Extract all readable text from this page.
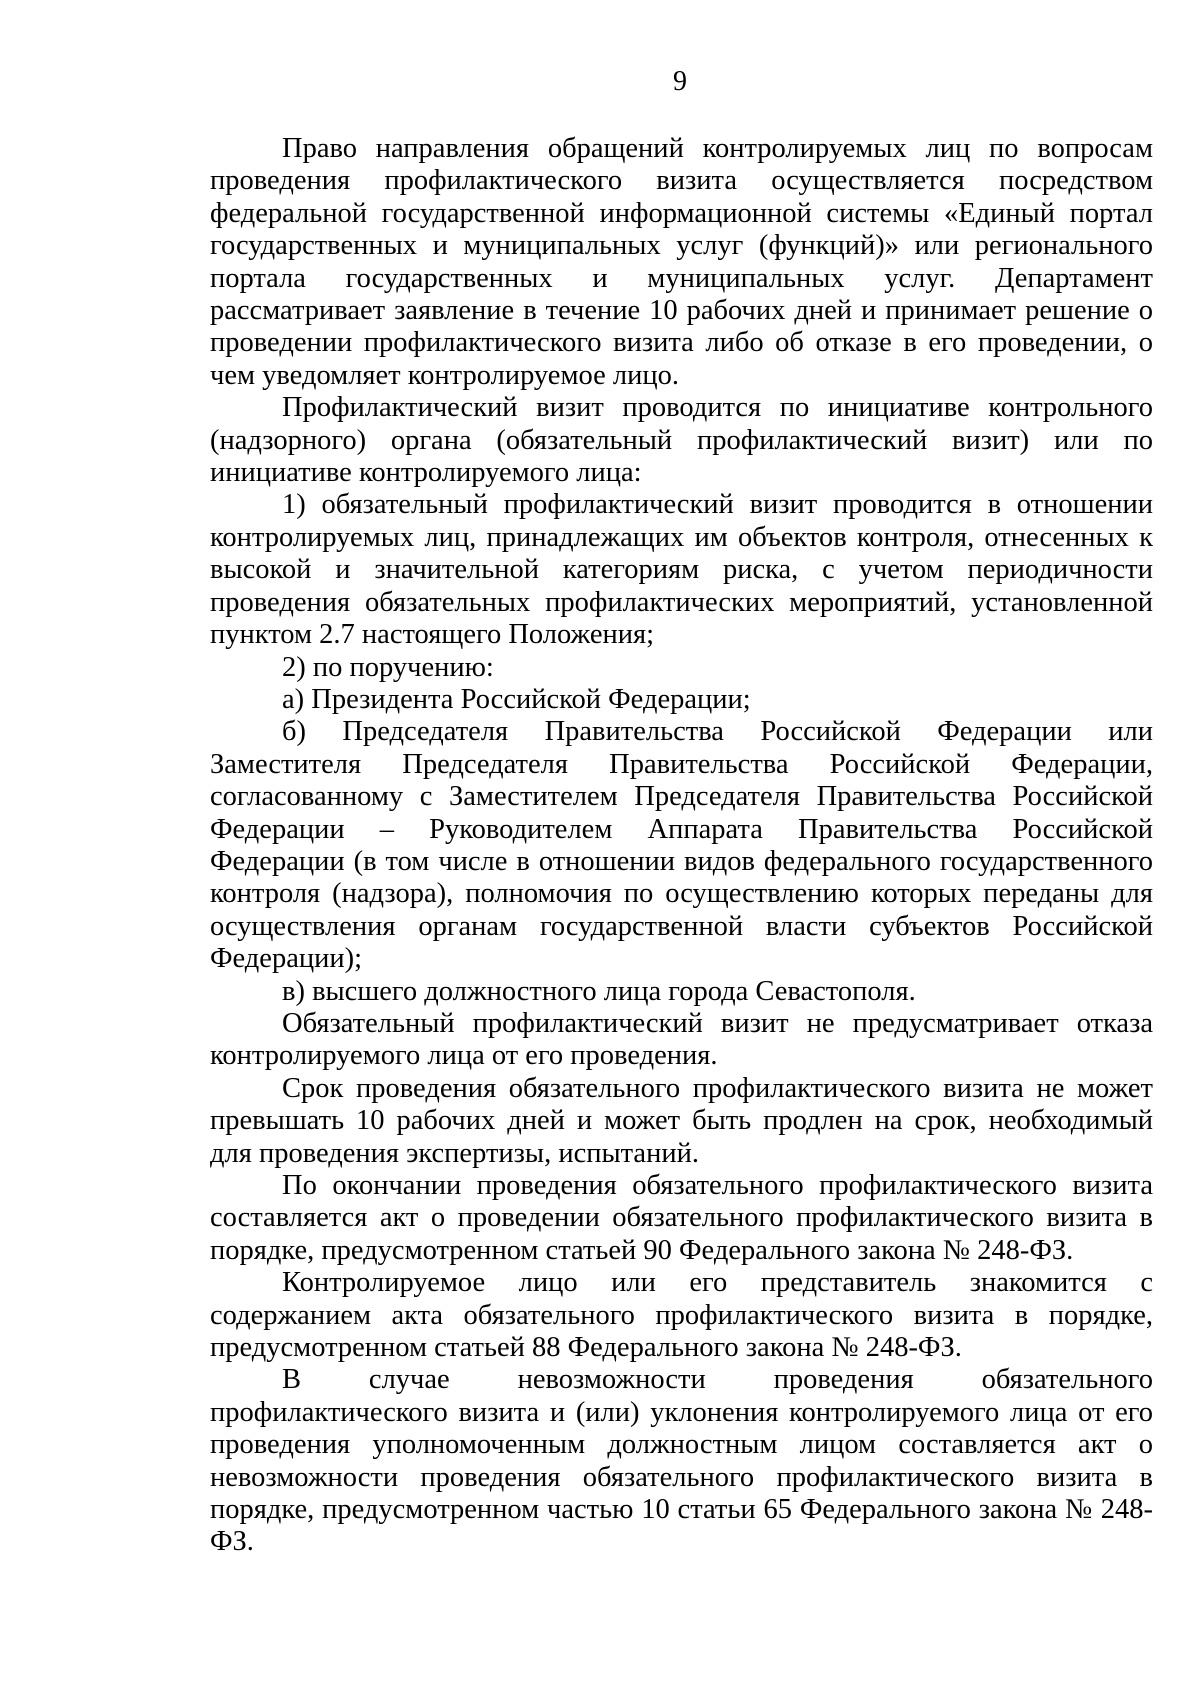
9

Право направления обращений контролируемых лиц по вопросам проведения профилактического визита осуществляется посредством федеральной государственной информационной системы «Единый портал государственных и муниципальных услуг (функций)» или регионального портала государственных и муниципальных услуг. Департамент рассматривает заявление в течение 10 рабочих дней и принимает решение о проведении профилактического визита либо об отказе в его проведении, о чем уведомляет контролируемое лицо.

Профилактический визит проводится по инициативе контрольного (надзорного) органа (обязательный профилактический визит) или по инициативе контролируемого лица:

1) обязательный профилактический визит проводится в отношении контролируемых лиц, принадлежащих им объектов контроля, отнесенных к высокой и значительной категориям риска, с учетом периодичности проведения обязательных профилактических мероприятий, установленной пунктом 2.7 настоящего Положения;

2) по поручению:

а) Президента Российской Федерации;

б) Председателя Правительства Российской Федерации или Заместителя Председателя Правительства Российской Федерации, согласованному с Заместителем Председателя Правительства Российской Федерации – Руководителем Аппарата Правительства Российской Федерации (в том числе в отношении видов федерального государственного контроля (надзора), полномочия по осуществлению которых переданы для осуществления органам государственной власти субъектов Российской Федерации);

в) высшего должностного лица города Севастополя.

Обязательный профилактический визит не предусматривает отказа контролируемого лица от его проведения.

Срок проведения обязательного профилактического визита не может превышать 10 рабочих дней и может быть продлен на срок, необходимый для проведения экспертизы, испытаний.

По окончании проведения обязательного профилактического визита составляется акт о проведении обязательного профилактического визита в порядке, предусмотренном статьей 90 Федерального закона № 248-ФЗ.

Контролируемое лицо или его представитель знакомится с содержанием акта обязательного профилактического визита в порядке, предусмотренном статьей 88 Федерального закона № 248-ФЗ.

В случае невозможности проведения обязательного профилактического визита и (или) уклонения контролируемого лица от его проведения уполномоченным должностным лицом составляется акт о невозможности проведения обязательного профилактического визита в порядке, предусмотренном частью 10 статьи 65 Федерального закона № 248-ФЗ.
